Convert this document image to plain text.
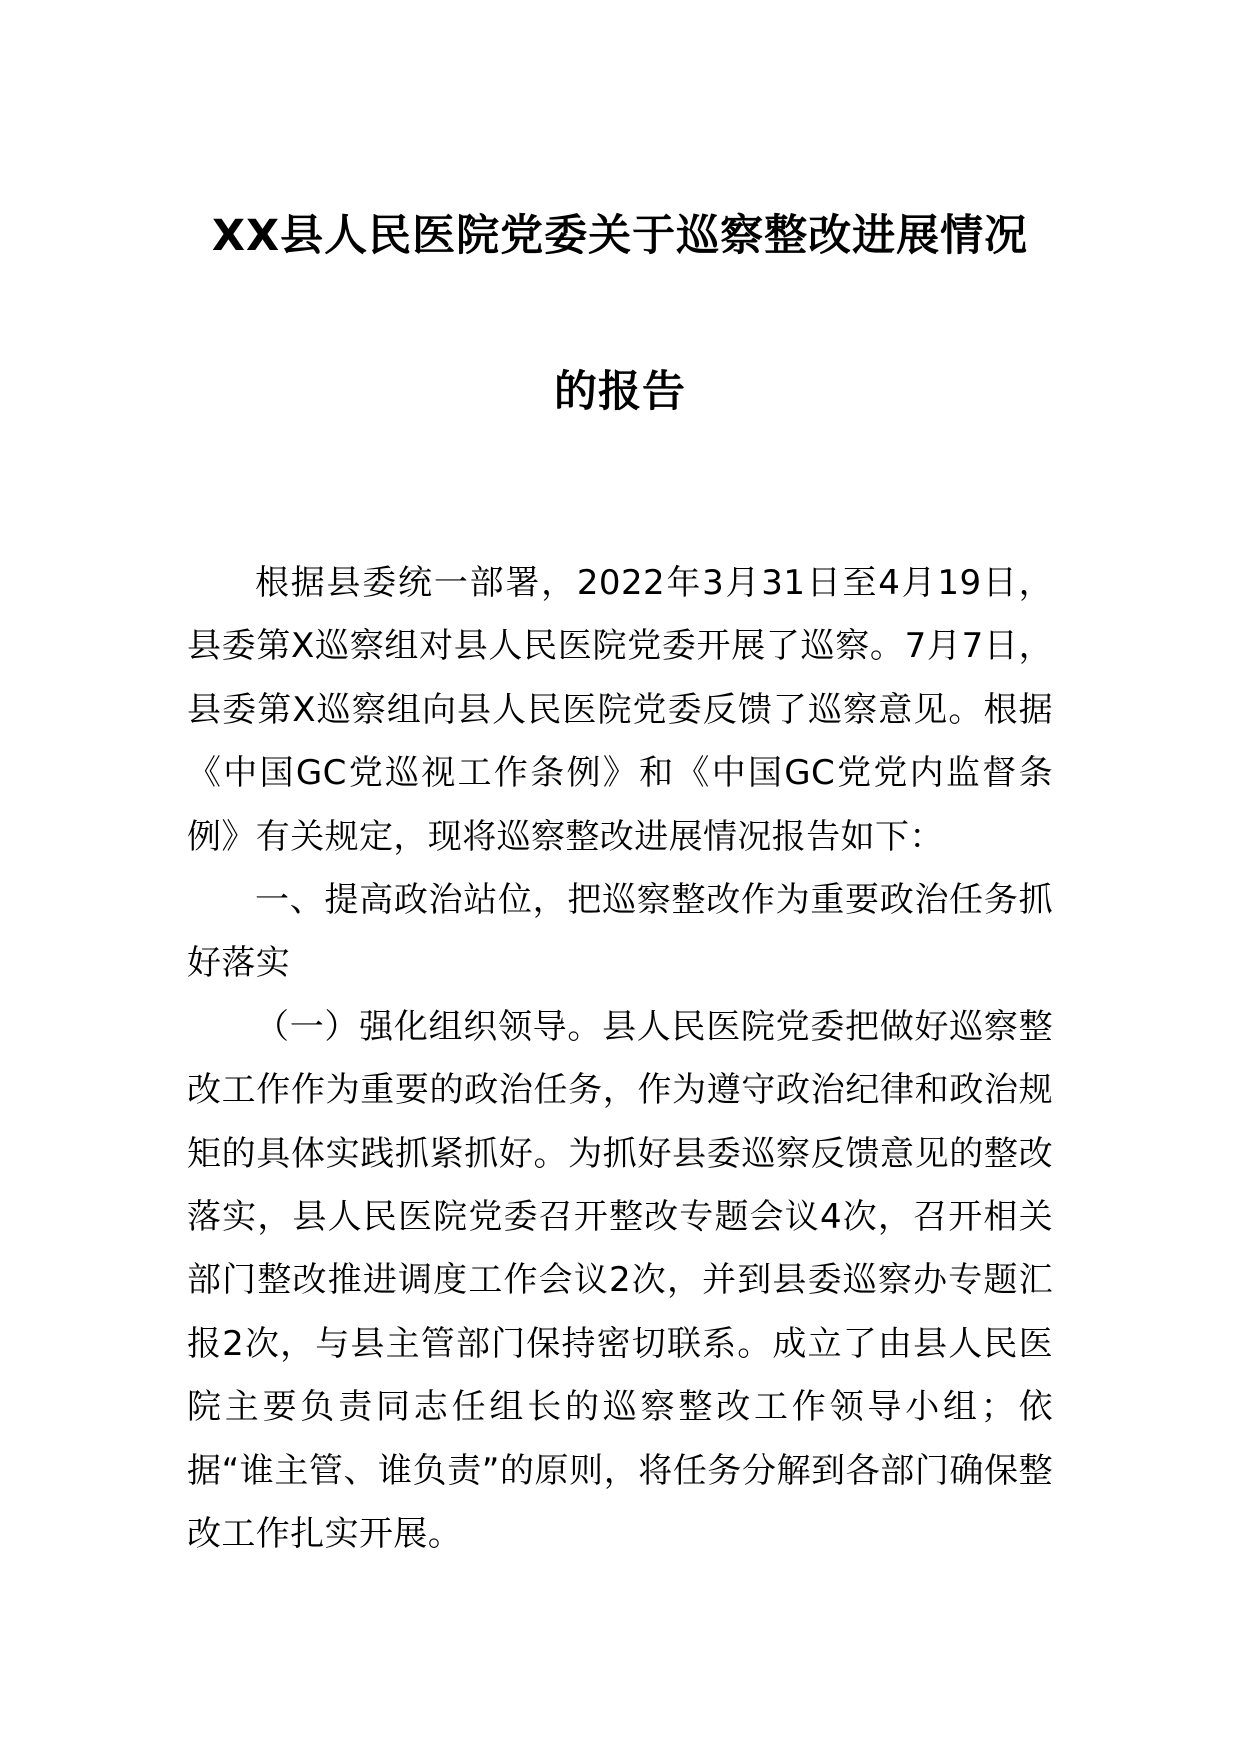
XX县人民医院党委关于巡察整改进展情况
的报告

根据县委统一部署，2022年3月31日至4月19日，县委第X巡察组对县人民医院党委开展了巡察。7月7日，县委第X巡察组向县人民医院党委反馈了巡察意见。根据《中国GC党巡视工作条例》和《中国GC党党内监督条例》有关规定，现将巡察整改进展情况报告如下：

一、提高政治站位，把巡察整改作为重要政治任务抓好落实

（一）强化组织领导。县人民医院党委把做好巡察整改工作作为重要的政治任务，作为遵守政治纪律和政治规矩的具体实践抓紧抓好。为抓好县委巡察反馈意见的整改落实，县人民医院党委召开整改专题会议4次，召开相关部门整改推进调度工作会议2次，并到县委巡察办专题汇报2次，与县主管部门保持密切联系。成立了由县人民医院主要负责同志任组长的巡察整改工作领导小组；依据“谁主管、谁负责”的原则，将任务分解到各部门确保整改工作扎实开展。
